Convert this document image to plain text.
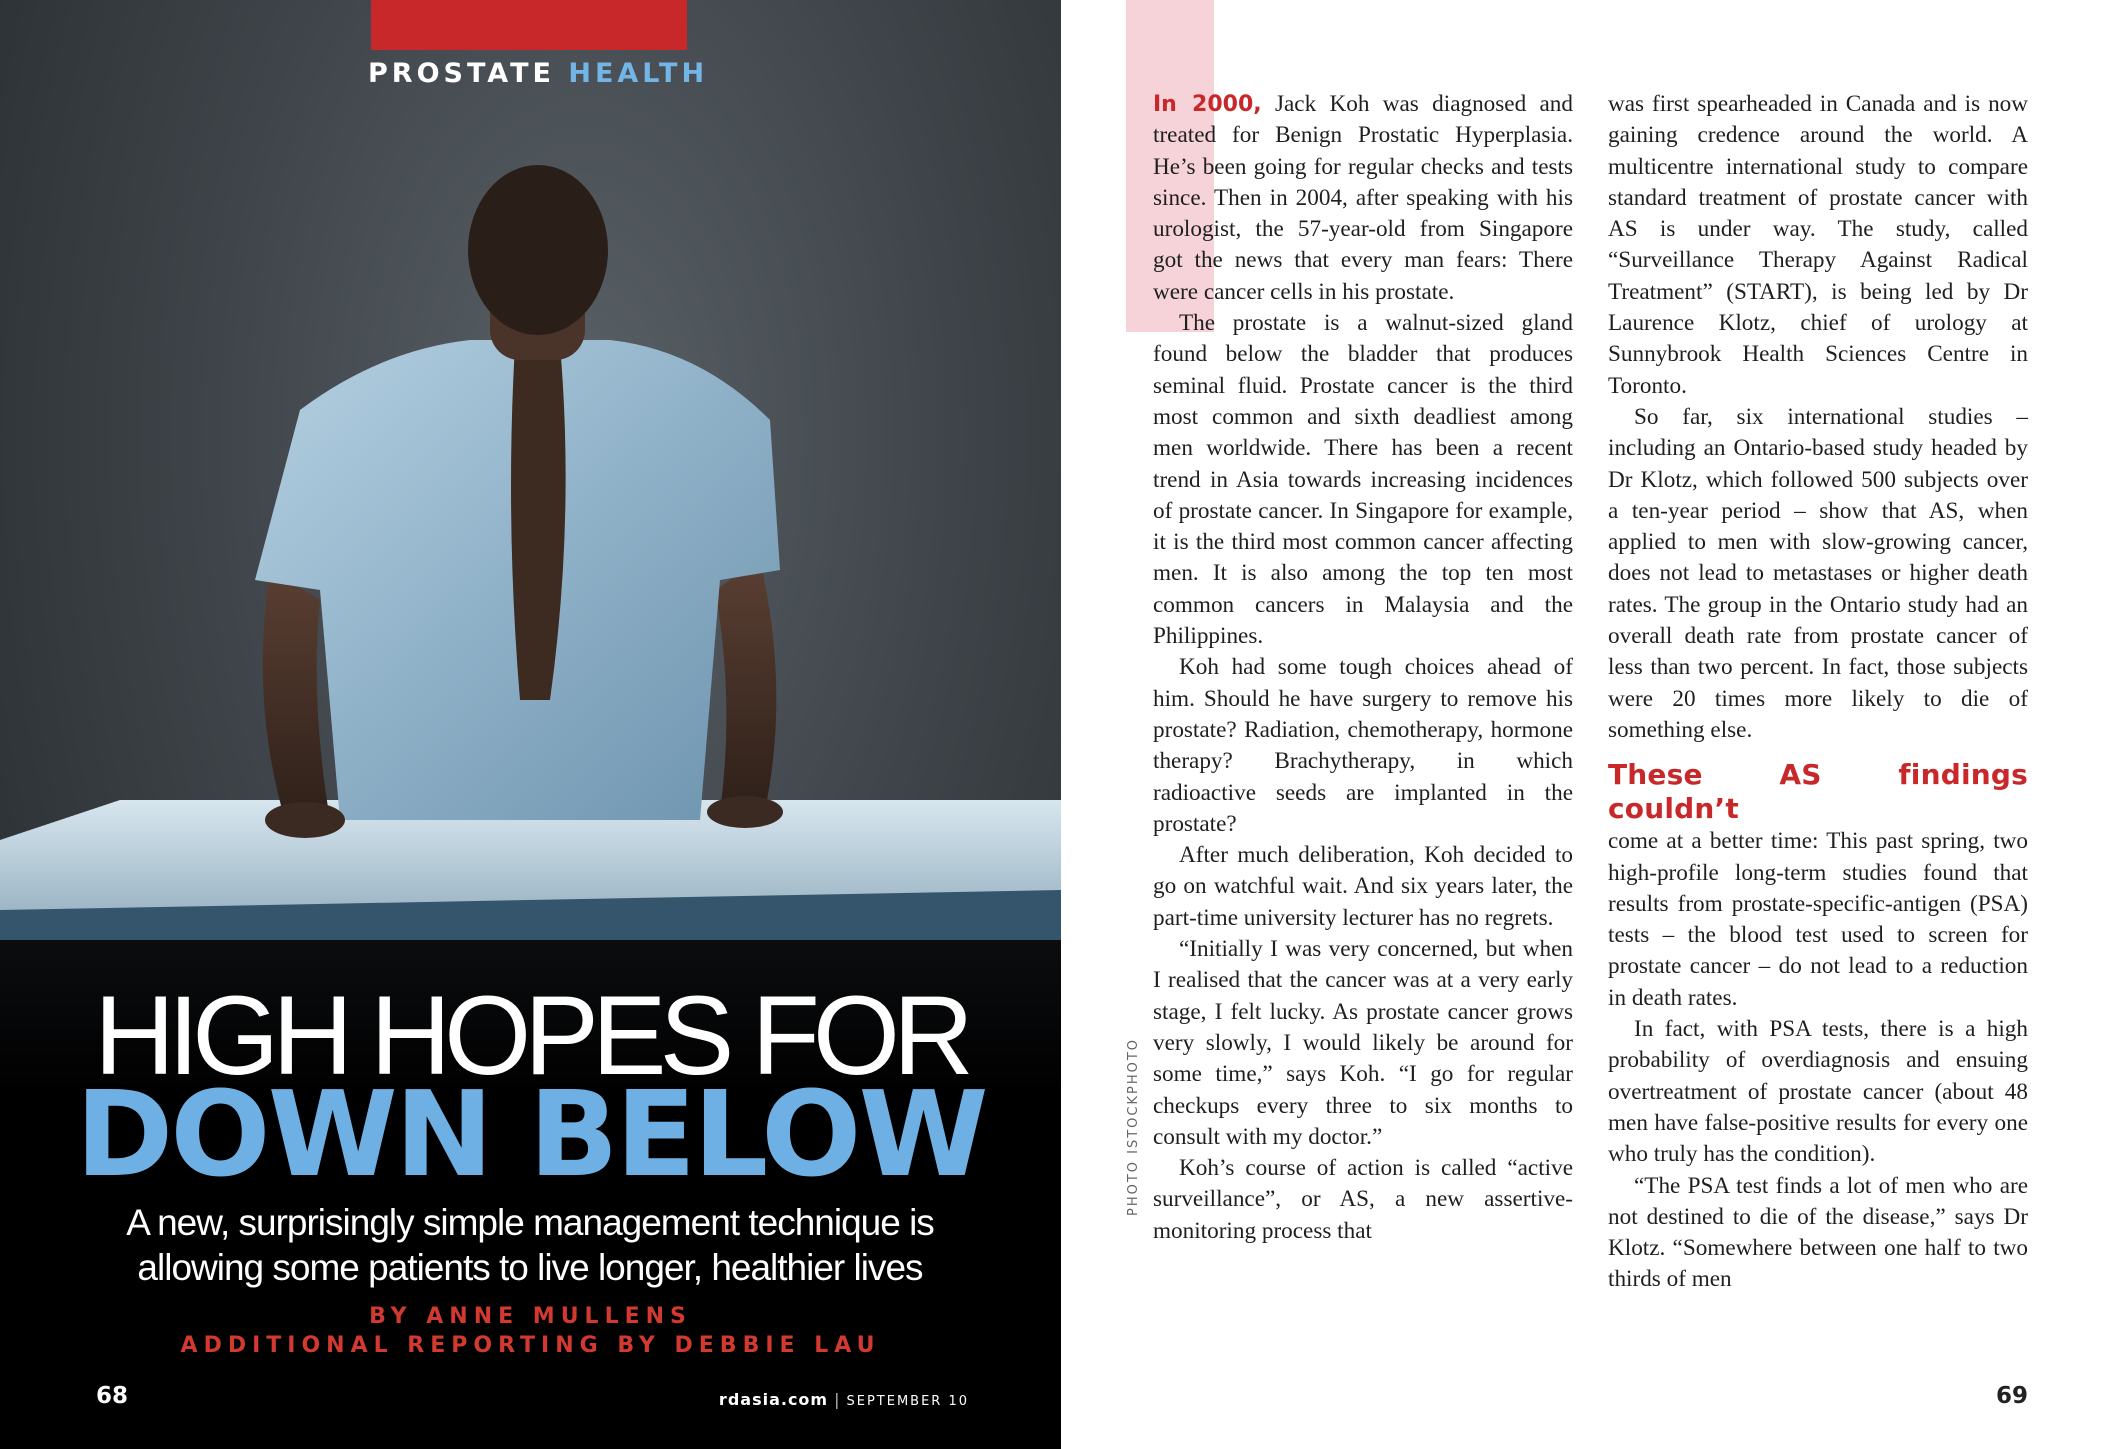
PROSTATE HEALTH
HIGH HOPES FOR
DOWN BELOW
A new, surprisingly simple management technique is
allowing some patients to live longer, healthier lives
BY ANNE MULLENS
ADDITIONAL REPORTING BY DEBBIE LAU
68	rdasia.com | SEPTEMBER 10
PHOTO ISTOCKPHOTO

In 2000, Jack Koh was diagnosed and treated for Benign Prostatic Hyperplasia. He’s been going for regular checks and tests since. Then in 2004, after speaking with his urologist, the 57-year-old from Singapore got the news that every man fears: There were cancer cells in his prostate.

The prostate is a walnut-sized gland found below the bladder that produces seminal fluid. Prostate cancer is the third most common and sixth deadliest among men worldwide. There has been a recent trend in Asia towards increasing incidences of prostate cancer. In Singapore for example, it is the third most common cancer affecting men. It is also among the top ten most common cancers in Malaysia and the Philippines.

Koh had some tough choices ahead of him. Should he have surgery to remove his prostate? Radiation, chemotherapy, hormone therapy? Brachytherapy, in which radioactive seeds are implanted in the prostate?

After much deliberation, Koh decided to go on watchful wait. And six years later, the part-time university lecturer has no regrets.

“Initially I was very concerned, but when I realised that the cancer was at a very early stage, I felt lucky. As prostate cancer grows very slowly, I would likely be around for some time,” says Koh. “I go for regular checkups every three to six months to consult with my doctor.”

Koh’s course of action is called “active surveillance”, or AS, a new assertive-monitoring process that

was first spearheaded in Canada and is now gaining credence around the world. A multicentre international study to compare standard treatment of prostate cancer with AS is under way. The study, called “Surveillance Therapy Against Radical Treatment” (START), is being led by Dr Laurence Klotz, chief of urology at Sunnybrook Health Sciences Centre in Toronto.

So far, six international studies – including an Ontario-based study headed by Dr Klotz, which followed 500 subjects over a ten-year period – show that AS, when applied to men with slow-growing cancer, does not lead to metastases or higher death rates. The group in the Ontario study had an overall death rate from prostate cancer of less than two percent. In fact, those subjects were 20 times more likely to die of something else.

These AS findings couldn’t

come at a better time: This past spring, two high-profile long-term studies found that results from prostate-specific-antigen (PSA) tests – the blood test used to screen for prostate cancer – do not lead to a reduction in death rates.

In fact, with PSA tests, there is a high probability of overdiagnosis and ensuing overtreatment of prostate cancer (about 48 men have false-positive results for every one who truly has the condition).

“The PSA test finds a lot of men who are not destined to die of the disease,” says Dr Klotz. “Somewhere between one half to two thirds of men

69
